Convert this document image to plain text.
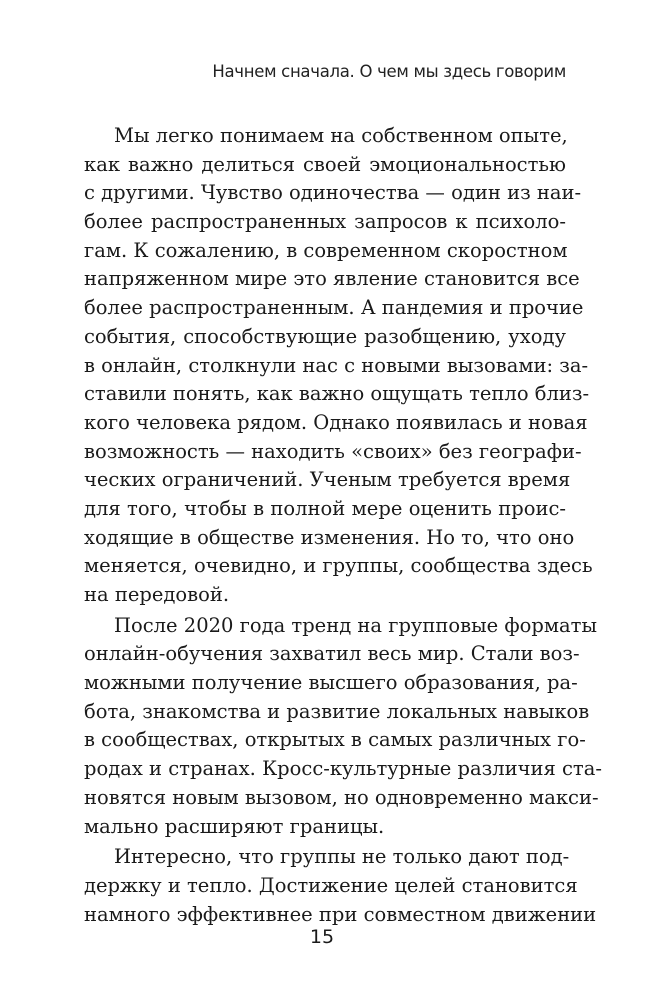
Начнем сначала. О чем мы здесь говорим
Мы легко понимаем на собственном опыте,
как важно делиться своей эмоциональностью
с другими. Чувство одиночества — один из наи-
более распространенных запросов к психоло-
гам. К сожалению, в современном скоростном
напряженном мире это явление становится все
более распространенным. А пандемия и прочие
события, способствующие разобщению, уходу
в онлайн, столкнули нас с новыми вызовами: за-
ставили понять, как важно ощущать тепло близ-
кого человека рядом. Однако появилась и новая
возможность — находить «своих» без географи-
ческих ограничений. Ученым требуется время
для того, чтобы в полной мере оценить проис-
ходящие в обществе изменения. Но то, что оно
меняется, очевидно, и группы, сообщества здесь
на передовой.
После 2020 года тренд на групповые форматы
онлайн-обучения захватил весь мир. Стали воз-
можными получение высшего образования, ра-
бота, знакомства и развитие локальных навыков
в сообществах, открытых в самых различных го-
родах и странах. Кросс-культурные различия ста-
новятся новым вызовом, но одновременно макси-
мально расширяют границы.
Интересно, что группы не только дают под-
держку и тепло. Достижение целей становится
намного эффективнее при совместном движении
15
